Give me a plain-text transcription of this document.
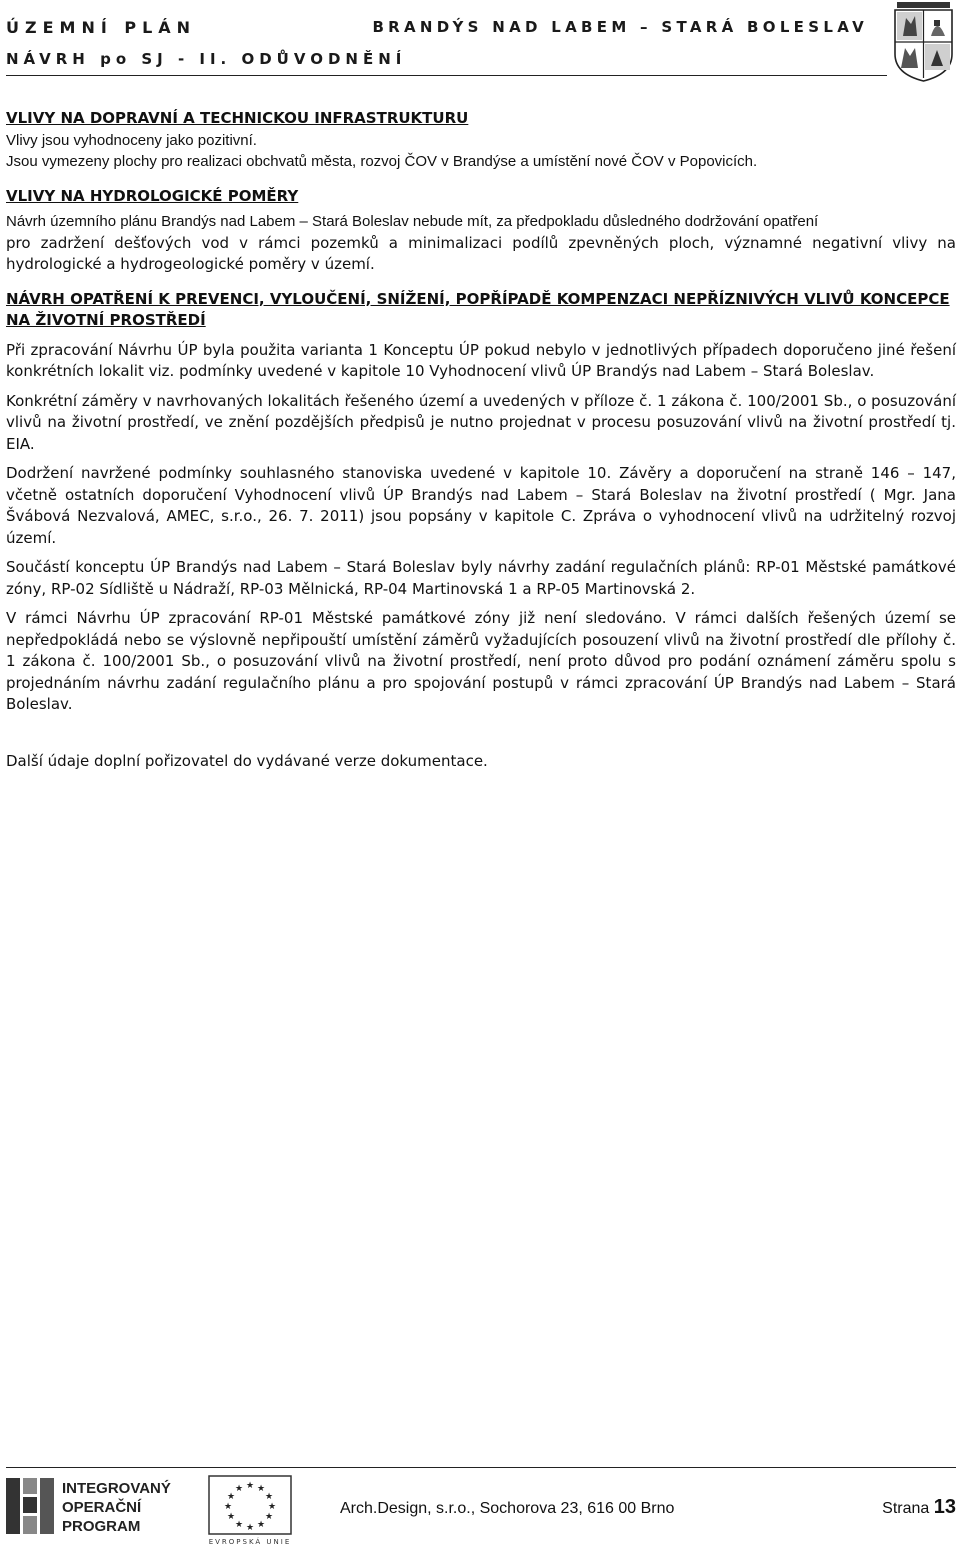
ÚZEMNÍ PLÁN
NÁVRH po SJ - II. ODŮVODNĚNÍ
BRANDÝS NAD LABEM – STARÁ BOLESLAV

VLIVY NA DOPRAVNÍ A TECHNICKOU INFRASTRUKTURU

Vlivy jsou vyhodnoceny jako pozitivní.

Jsou vymezeny plochy pro realizaci obchvatů města, rozvoj ČOV v Brandýse a umístění nové ČOV v Popovicích.

VLIVY NA HYDROLOGICKÉ POMĚRY

Návrh územního plánu Brandýs nad Labem – Stará Boleslav nebude mít, za předpokladu důsledného dodržování opatření

pro zadržení dešťových vod v rámci pozemků a minimalizaci podílů zpevněných ploch, významné negativní vlivy na hydrologické a hydrogeologické poměry v území.

NÁVRH OPATŘENÍ K PREVENCI, VYLOUČENÍ, SNÍŽENÍ, POPŘÍPADĚ KOMPENZACI NEPŘÍZNIVÝCH VLIVŮ KONCEPCE NA ŽIVOTNÍ PROSTŘEDÍ

Při zpracování Návrhu ÚP byla použita varianta 1 Konceptu ÚP pokud nebylo v jednotlivých případech doporučeno jiné řešení konkrétních lokalit viz. podmínky uvedené v kapitole 10 Vyhodnocení vlivů ÚP Brandýs nad Labem – Stará Boleslav.

Konkrétní záměry v navrhovaných lokalitách řešeného území a uvedených v příloze č. 1 zákona č. 100/2001 Sb., o posuzování vlivů na životní prostředí, ve znění pozdějších předpisů je nutno projednat v procesu posuzování vlivů na životní prostředí tj. EIA.

Dodržení navržené podmínky souhlasného stanoviska uvedené v kapitole 10. Závěry a doporučení na straně 146 – 147, včetně ostatních doporučení Vyhodnocení vlivů ÚP Brandýs nad Labem – Stará Boleslav na životní prostředí ( Mgr. Jana Švábová Nezvalová, AMEC, s.r.o., 26. 7. 2011) jsou popsány v kapitole C. Zpráva o vyhodnocení vlivů na udržitelný rozvoj území.

Součástí konceptu ÚP Brandýs nad Labem – Stará Boleslav byly návrhy zadání regulačních plánů: RP-01 Městské památkové zóny, RP-02 Sídliště u Nádraží, RP-03 Mělnická, RP-04 Martinovská 1 a RP-05 Martinovská 2.

V rámci Návrhu ÚP zpracování RP-01 Městské památkové zóny již není sledováno. V rámci dalších řešených území se nepředpokládá nebo se výslovně nepřipouští umístění záměrů vyžadujících posouzení vlivů na životní prostředí dle přílohy č. 1 zákona č. 100/2001 Sb., o posuzování vlivů na životní prostředí, není proto důvod pro podání oznámení záměru spolu s projednáním návrhu zadání regulačního plánu a pro spojování postupů v rámci zpracování ÚP Brandýs nad Labem – Stará Boleslav.

Další údaje doplní pořizovatel do vydávané verze dokumentace.

INTEGROVANÝ
OPERAČNÍ
PROGRAM
★ ★
★
★
★
★
★
★
★
★
★
★
EVROPSKÁ UNIE
Arch.Design, s.r.o., Sochorova 23, 616 00 Brno	Strana 13
